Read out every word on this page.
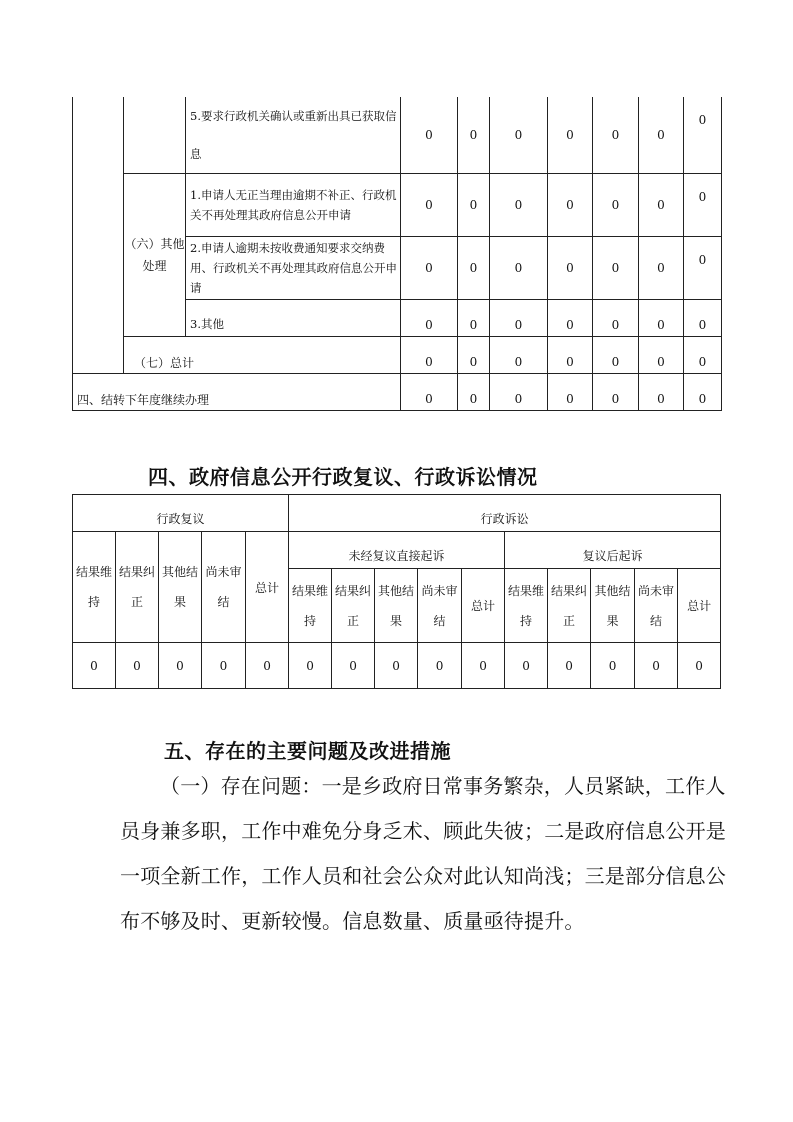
		5.要求行政机关确认或重新出具已获取信息	0	0	0	0	0	0	0
	（六）其他处理	1.申请人无正当理由逾期不补正、行政机关不再处理其政府信息公开申请	0	0	0	0	0	0	0
		2.申请人逾期未按收费通知要求交纳费用、行政机关不再处理其政府信息公开申请	0	0	0	0	0	0	0
		3.其他	0	0	0	0	0	0	0
	（七）总计		0	0	0	0	0	0	0
四、结转下年度继续办理			0	0	0	0	0	0	0
四、政府信息公开行政复议、行政诉讼情况
行政复议					行政诉讼									
结果维持	结果纠正	其他结果	尚未审结	总计	未经复议直接起诉					复议后起诉				
					结果维持	结果纠正	其他结果	尚未审结	总计	结果维持	结果纠正	其他结果	尚未审结	总计
0	0	0	0	0	0	0	0	0	0	0	0	0	0	0
五、存在的主要问题及改进措施

（一）存在问题：一是乡政府日常事务繁杂，人员紧缺，工作人员身兼多职，工作中难免分身乏术、顾此失彼；二是政府信息公开是一项全新工作，工作人员和社会公众对此认知尚浅；三是部分信息公布不够及时、更新较慢。信息数量、质量亟待提升。
